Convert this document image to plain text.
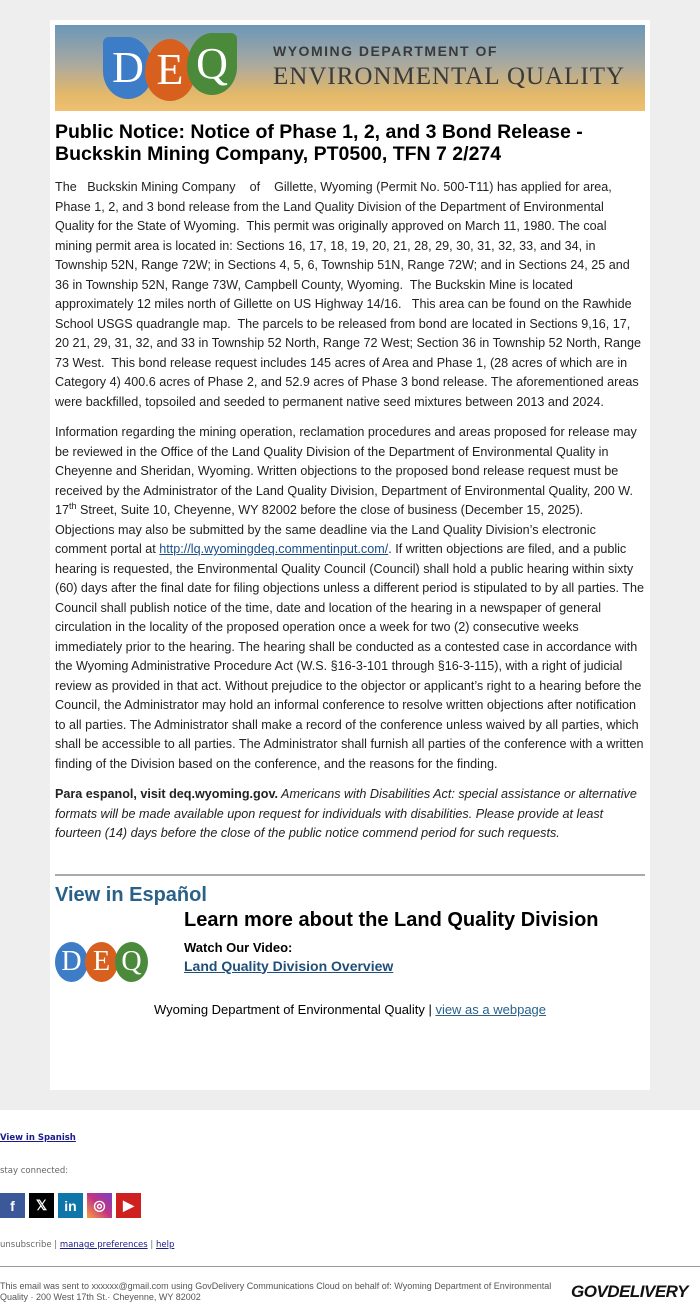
D E Q	WYOMING DEPARTMENT OF
ENVIRONMENTAL QUALITY
Public Notice: Notice of Phase 1, 2, and 3 Bond Release - Buckskin Mining Company, PT0500, TFN 7 2/274

The   Buckskin Mining Company    of    Gillette, Wyoming (Permit No. 500-T11) has applied for area, Phase 1, 2, and 3 bond release from the Land Quality Division of the Department of Environmental Quality for the State of Wyoming.  This permit was originally approved on March 11, 1980. The coal mining permit area is located in: Sections 16, 17, 18, 19, 20, 21, 28, 29, 30, 31, 32, 33, and 34, in Township 52N, Range 72W; in Sections 4, 5, 6, Township 51N, Range 72W; and in Sections 24, 25 and 36 in Township 52N, Range 73W, Campbell County, Wyoming.  The Buckskin Mine is located approximately 12 miles north of Gillette on US Highway 14/16.   This area can be found on the Rawhide School USGS quadrangle map.  The parcels to be released from bond are located in Sections 9,16, 17, 20 21, 29, 31, 32, and 33 in Township 52 North, Range 72 West; Section 36 in Township 52 North, Range 73 West.  This bond release request includes 145 acres of Area and Phase 1, (28 acres of which are in Category 4) 400.6 acres of Phase 2, and 52.9 acres of Phase 3 bond release. The aforementioned areas were backfilled, topsoiled and seeded to permanent native seed mixtures between 2013 and 2024.

Information regarding the mining operation, reclamation procedures and areas proposed for release may be reviewed in the Office of the Land Quality Division of the Department of Environmental Quality in Cheyenne and Sheridan, Wyoming. Written objections to the proposed bond release request must be received by the Administrator of the Land Quality Division, Department of Environmental Quality, 200 W. 17th Street, Suite 10, Cheyenne, WY 82002 before the close of business (December 15, 2025). Objections may also be submitted by the same deadline via the Land Quality Division’s electronic comment portal at http://lq.wyomingdeq.commentinput.com/. If written objections are filed, and a public hearing is requested, the Environmental Quality Council (Council) shall hold a public hearing within sixty (60) days after the final date for filing objections unless a different period is stipulated to by all parties. The Council shall publish notice of the time, date and location of the hearing in a newspaper of general circulation in the locality of the proposed operation once a week for two (2) consecutive weeks immediately prior to the hearing. The hearing shall be conducted as a contested case in accordance with the Wyoming Administrative Procedure Act (W.S. §16-3-101 through §16-3-115), with a right of judicial review as provided in that act. Without prejudice to the objector or applicant’s right to a hearing before the Council, the Administrator may hold an informal conference to resolve written objections after notification to all parties. The Administrator shall make a record of the conference unless waived by all parties, which shall be accessible to all parties. The Administrator shall furnish all parties of the conference with a written finding of the Division based on the conference, and the reasons for the finding.

Para espanol, visit deq.wyoming.gov. Americans with Disabilities Act: special assistance or alternative formats will be made available upon request for individuals with disabilities. Please provide at least fourteen (14) days before the close of the public notice commend period for such requests.

View in Español
D E Q
Learn more about the Land Quality Division
Watch Our Video:
Land Quality Division Overview
Wyoming Department of Environmental Quality | view as a webpage
View in Spanish
stay connected:
f	𝕏	in	◎	▶
unsubscribe | manage preferences | help
This email was sent to xxxxxx@gmail.com using GovDelivery Communications Cloud on behalf of: Wyoming Department of Environmental Quality · 200 West 17th St.· Cheyenne, WY 82002	GOVDELIVERY
